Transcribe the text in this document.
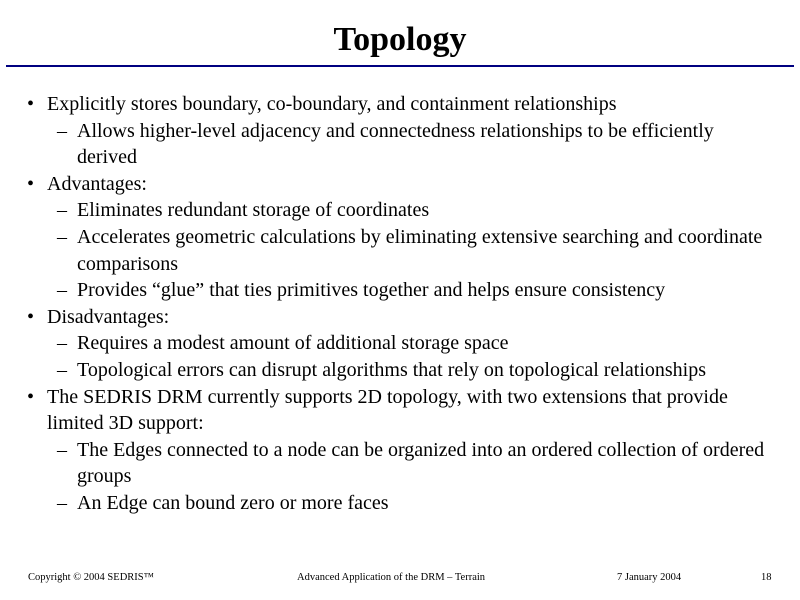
Topology
• Explicitly stores boundary, co-boundary, and containment relationships
– Allows higher-level adjacency and connectedness relationships to be efficiently derived
• Advantages:
– Eliminates redundant storage of coordinates
– Accelerates geometric calculations by eliminating extensive searching and coordinate comparisons
– Provides “glue” that ties primitives together and helps ensure consistency
• Disadvantages:
– Requires a modest amount of additional storage space
– Topological errors can disrupt algorithms that rely on topological relationships
• The SEDRIS DRM currently supports 2D topology, with two extensions that provide limited 3D support:
– The Edges connected to a node can be organized into an ordered collection of ordered groups
– An Edge can bound zero or more faces
Copyright © 2004 SEDRIS™	Advanced Application of the DRM – Terrain	7 January 2004	18
